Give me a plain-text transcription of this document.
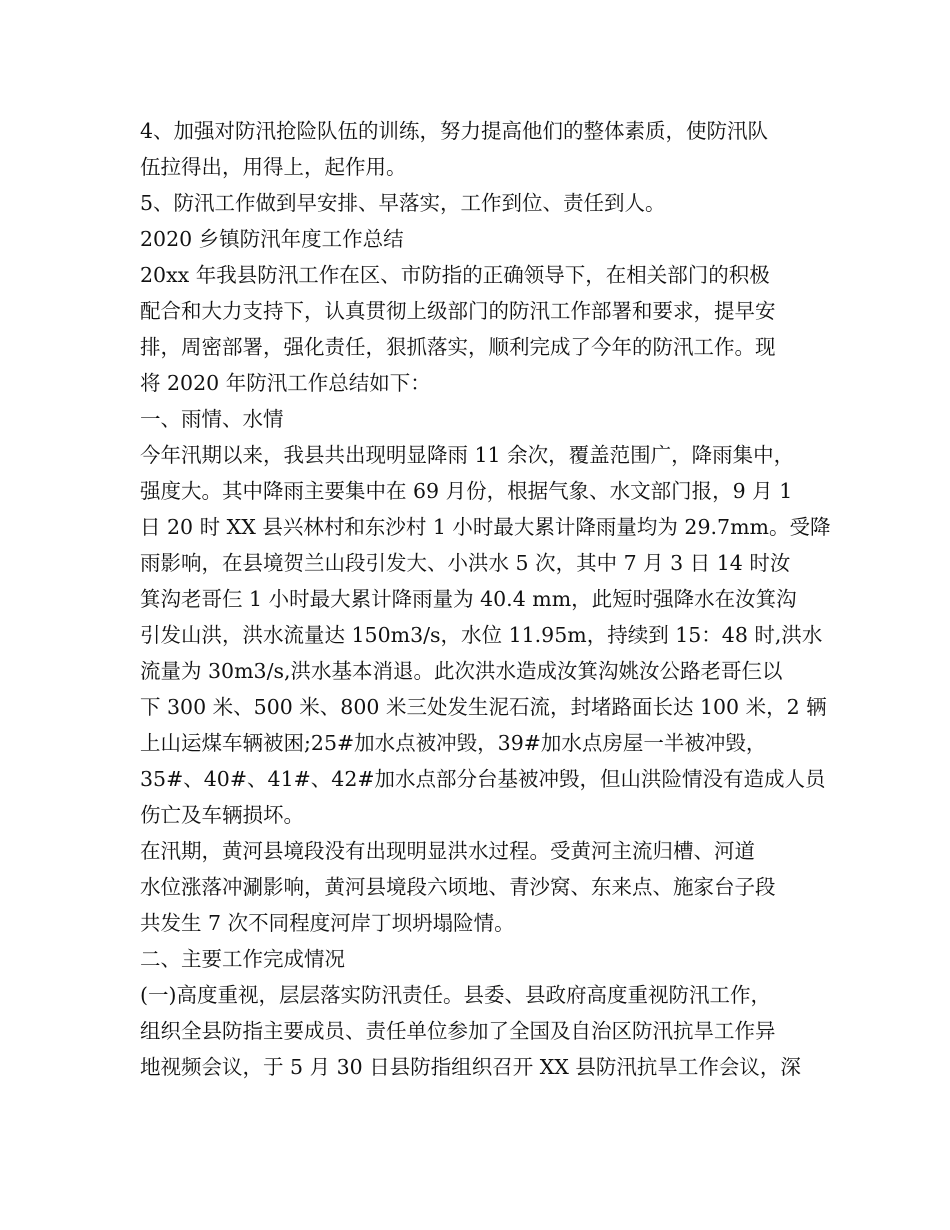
4、加强对防汛抢险队伍的训练，努力提高他们的整体素质，使防汛队
伍拉得出，用得上，起作用。
5、防汛工作做到早安排、早落实，工作到位、责任到人。
2020 乡镇防汛年度工作总结
20xx 年我县防汛工作在区、市防指的正确领导下，在相关部门的积极
配合和大力支持下，认真贯彻上级部门的防汛工作部署和要求，提早安
排，周密部署，强化责任，狠抓落实，顺利完成了今年的防汛工作。现
将 2020 年防汛工作总结如下：
一、雨情、水情
今年汛期以来，我县共出现明显降雨 11 余次，覆盖范围广，降雨集中，
强度大。其中降雨主要集中在 69 月份，根据气象、水文部门报，9 月 1
日 20 时 XX 县兴林村和东沙村 1 小时最大累计降雨量均为 29.7mm。受降
雨影响，在县境贺兰山段引发大、小洪水 5 次，其中 7 月 3 日 14 时汝
箕沟老哥仨 1 小时最大累计降雨量为 40.4 mm，此短时强降水在汝箕沟
引发山洪，洪水流量达 150m3/s，水位 11.95m，持续到 15：48 时,洪水
流量为 30m3/s,洪水基本消退。此次洪水造成汝箕沟姚汝公路老哥仨以
下 300 米、500 米、800 米三处发生泥石流，封堵路面长达 100 米，2 辆
上山运煤车辆被困;25#加水点被冲毁，39#加水点房屋一半被冲毁，
35#、40#、41#、42#加水点部分台基被冲毁，但山洪险情没有造成人员
伤亡及车辆损坏。
在汛期，黄河县境段没有出现明显洪水过程。受黄河主流归槽、河道
水位涨落冲涮影响，黄河县境段六顷地、青沙窝、东来点、施家台子段
共发生 7 次不同程度河岸丁坝坍塌险情。
二、主要工作完成情况
(一)高度重视，层层落实防汛责任。县委、县政府高度重视防汛工作，
组织全县防指主要成员、责任单位参加了全国及自治区防汛抗旱工作异
地视频会议，于 5 月 30 日县防指组织召开 XX 县防汛抗旱工作会议，深
